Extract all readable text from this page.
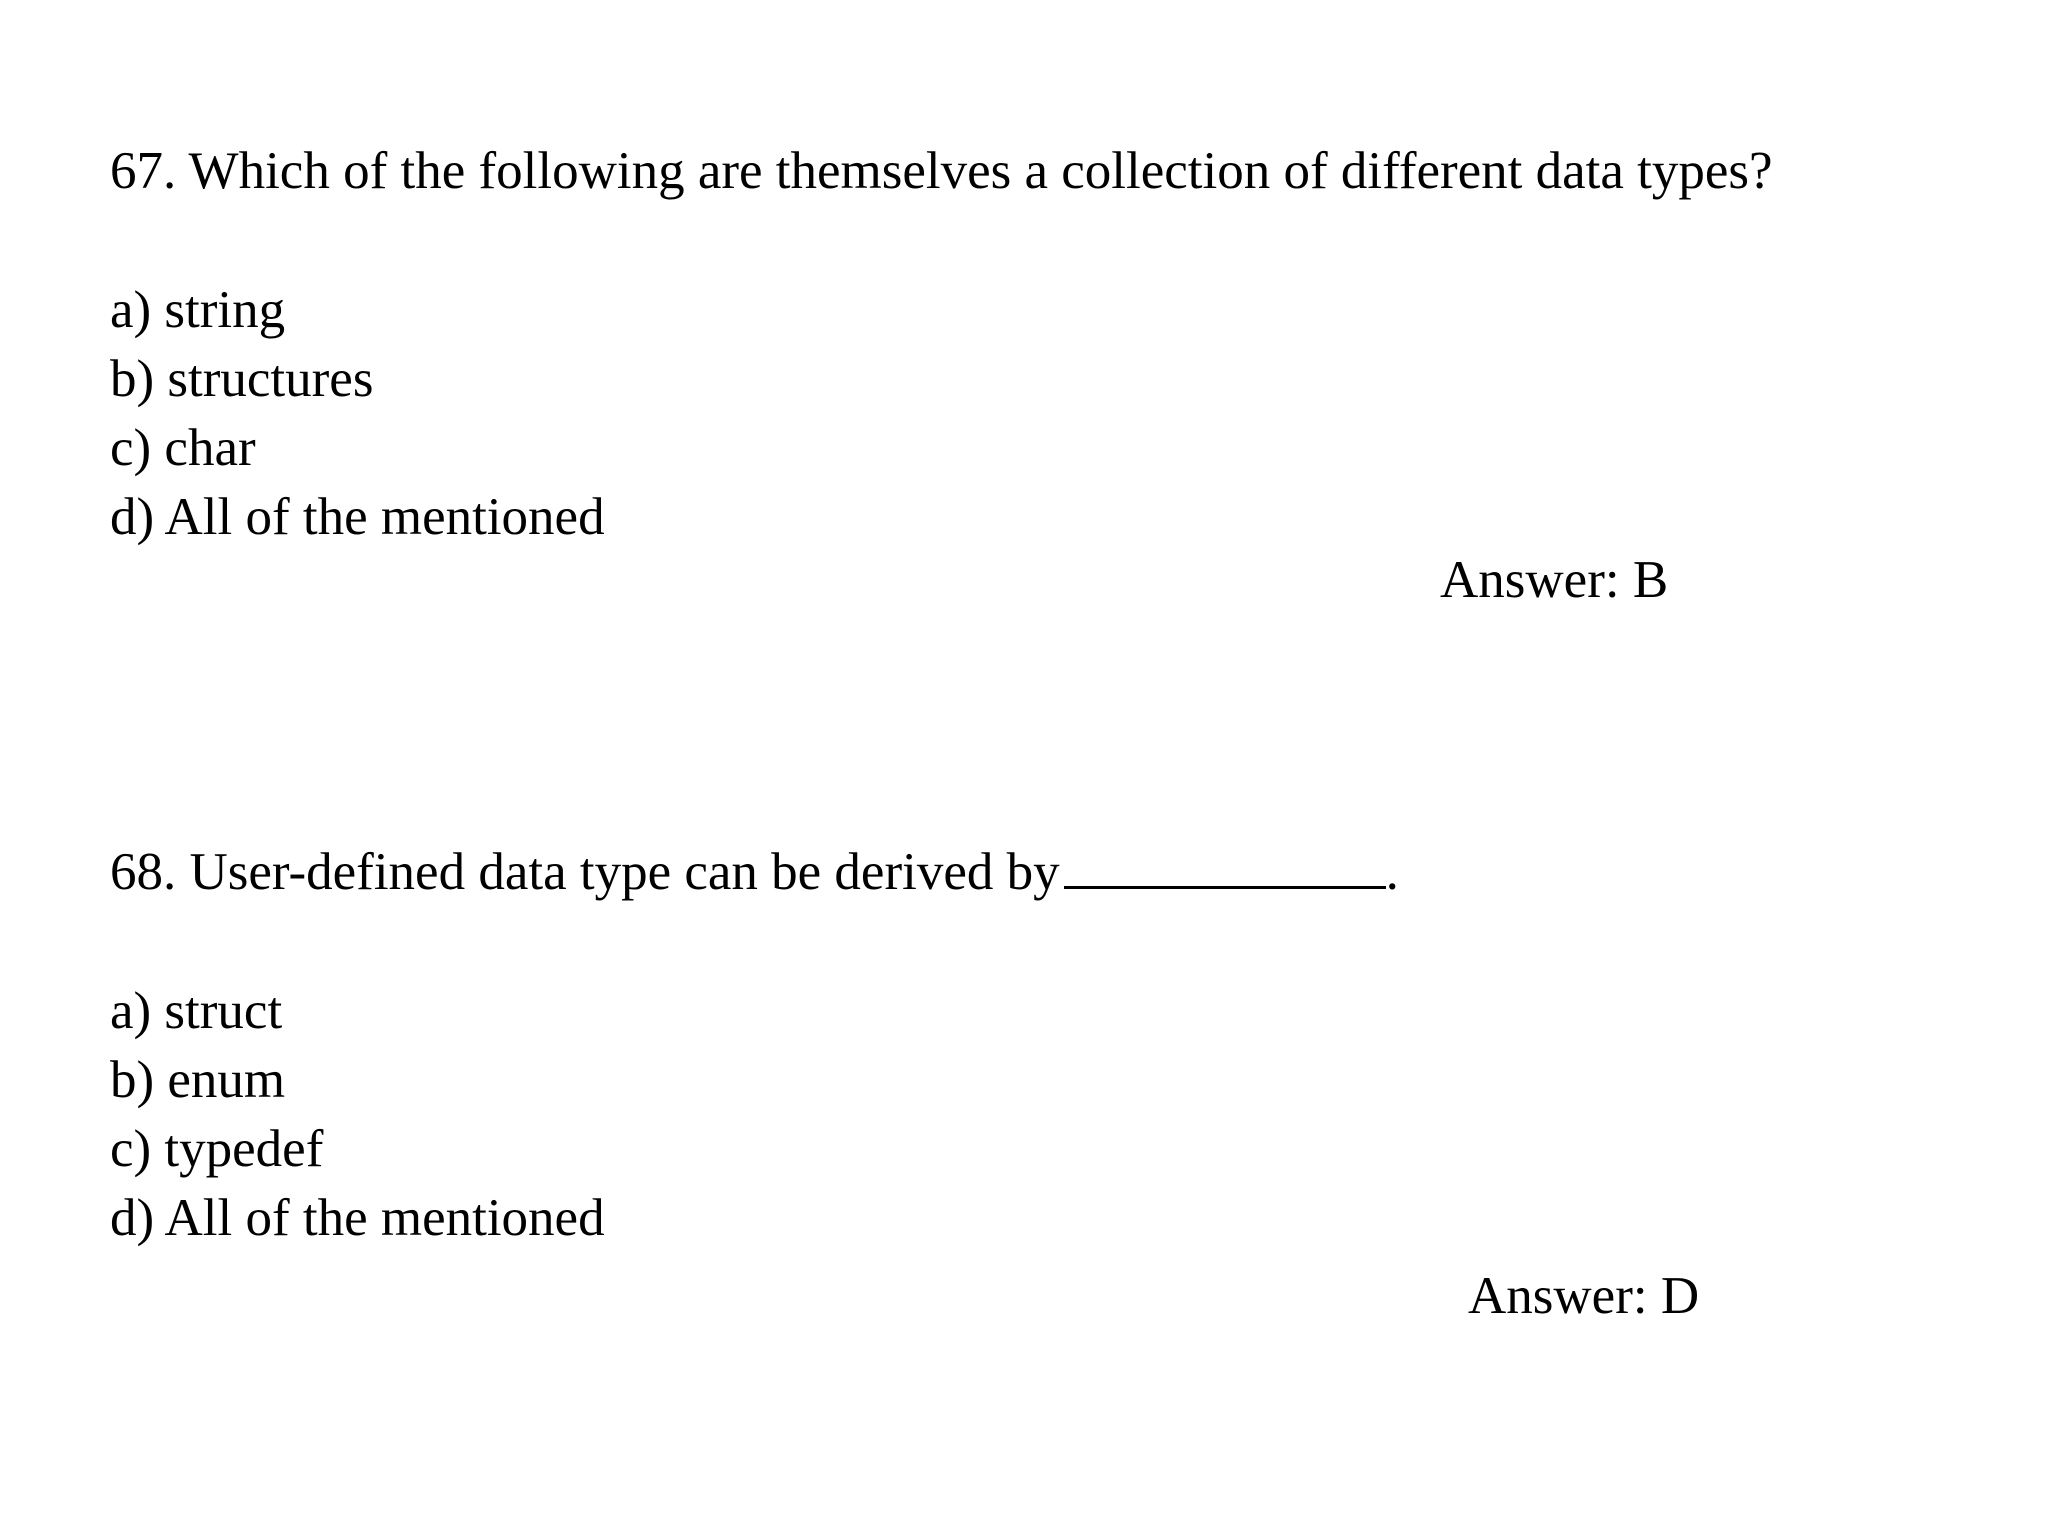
67. Which of the following are themselves a collection of different data types?
a) string
b) structures
c) char
d) All of the mentioned
Answer: B
68. User-defined data type can be derived by	.
a) struct
b) enum
c) typedef
d) All of the mentioned
Answer: D
